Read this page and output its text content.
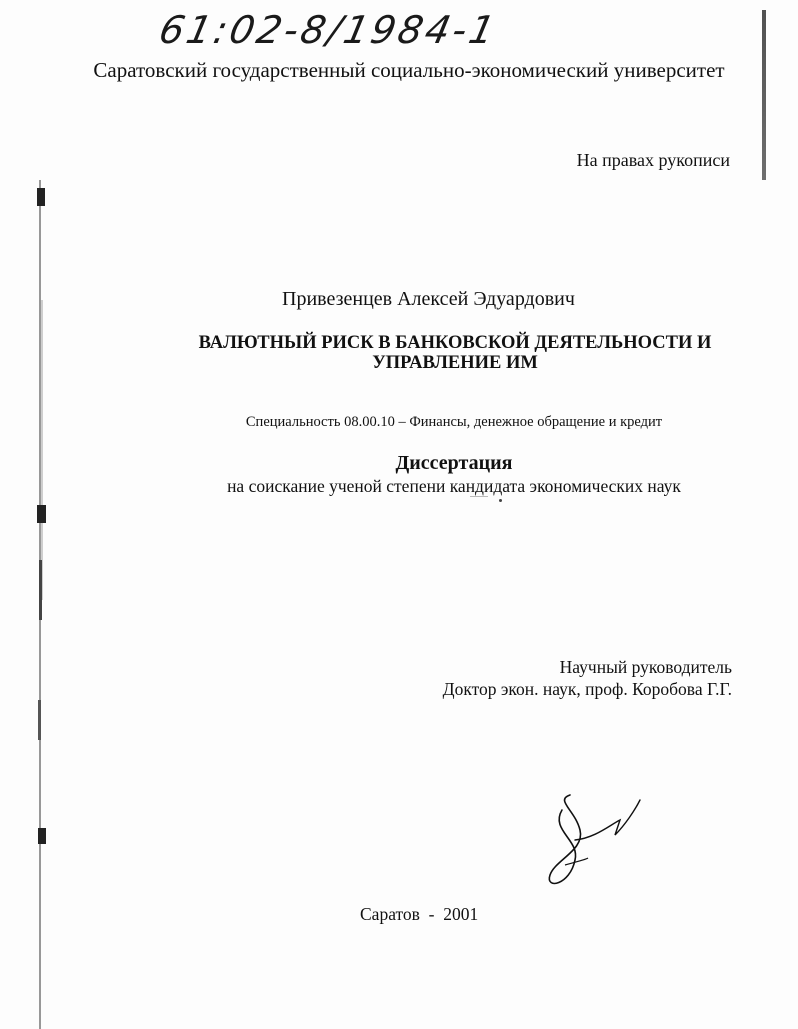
61:02-8/1984-1
Саратовский государственный социально-экономический университет
На правах рукописи
Привезенцев Алексей Эдуардович
ВАЛЮТНЫЙ РИСК В БАНКОВСКОЙ ДЕЯТЕЛЬНОСТИ И
УПРАВЛЕНИЕ ИМ
Специальность 08.00.10 – Финансы, денежное обращение и кредит
Диссертация
на соискание ученой степени кандидата экономических наук
Научный руководитель
Доктор экон. наук, проф. Коробова Г.Г.
Саратов  -  2001
